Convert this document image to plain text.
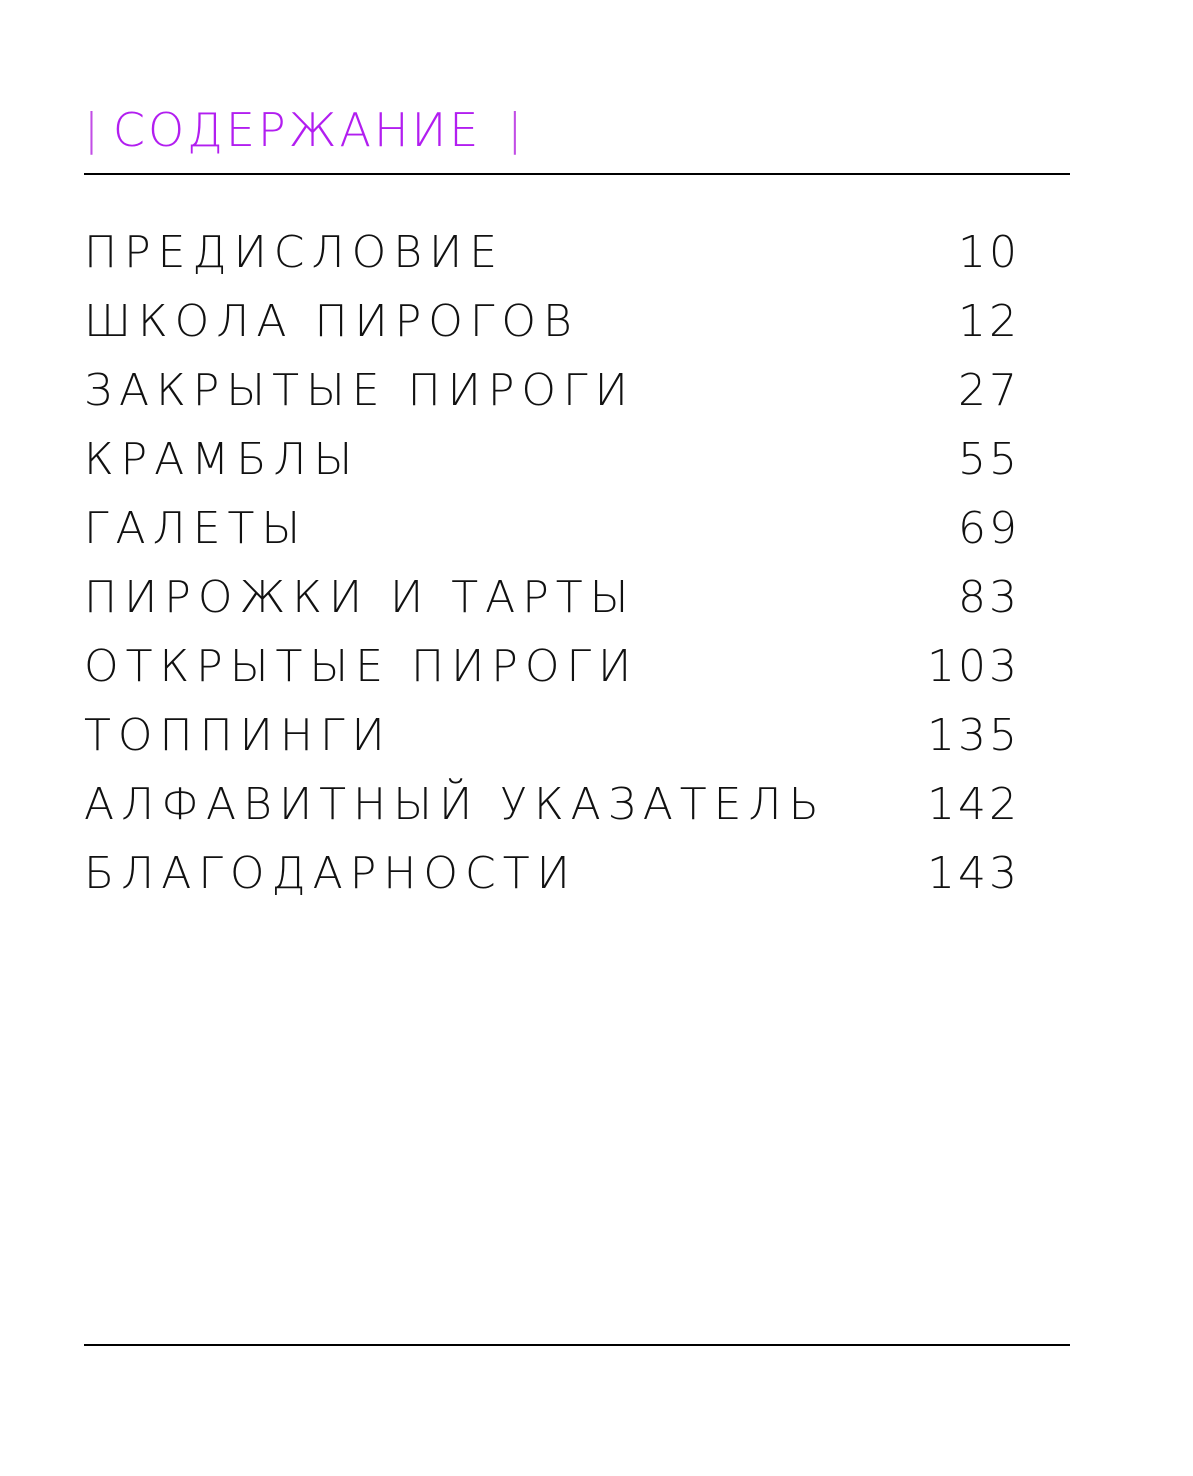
| СОДЕРЖАНИЕ |
ПРЕДИСЛОВИЕ	10
ШКОЛА ПИРОГОВ	12
ЗАКРЫТЫЕ ПИРОГИ	27
КРАМБЛЫ	55
ГАЛЕТЫ	69
ПИРОЖКИ И ТАРТЫ	83
ОТКРЫТЫЕ ПИРОГИ	103
ТОППИНГИ	135
АЛФАВИТНЫЙ УКАЗАТЕЛЬ	142
БЛАГОДАРНОСТИ	143
